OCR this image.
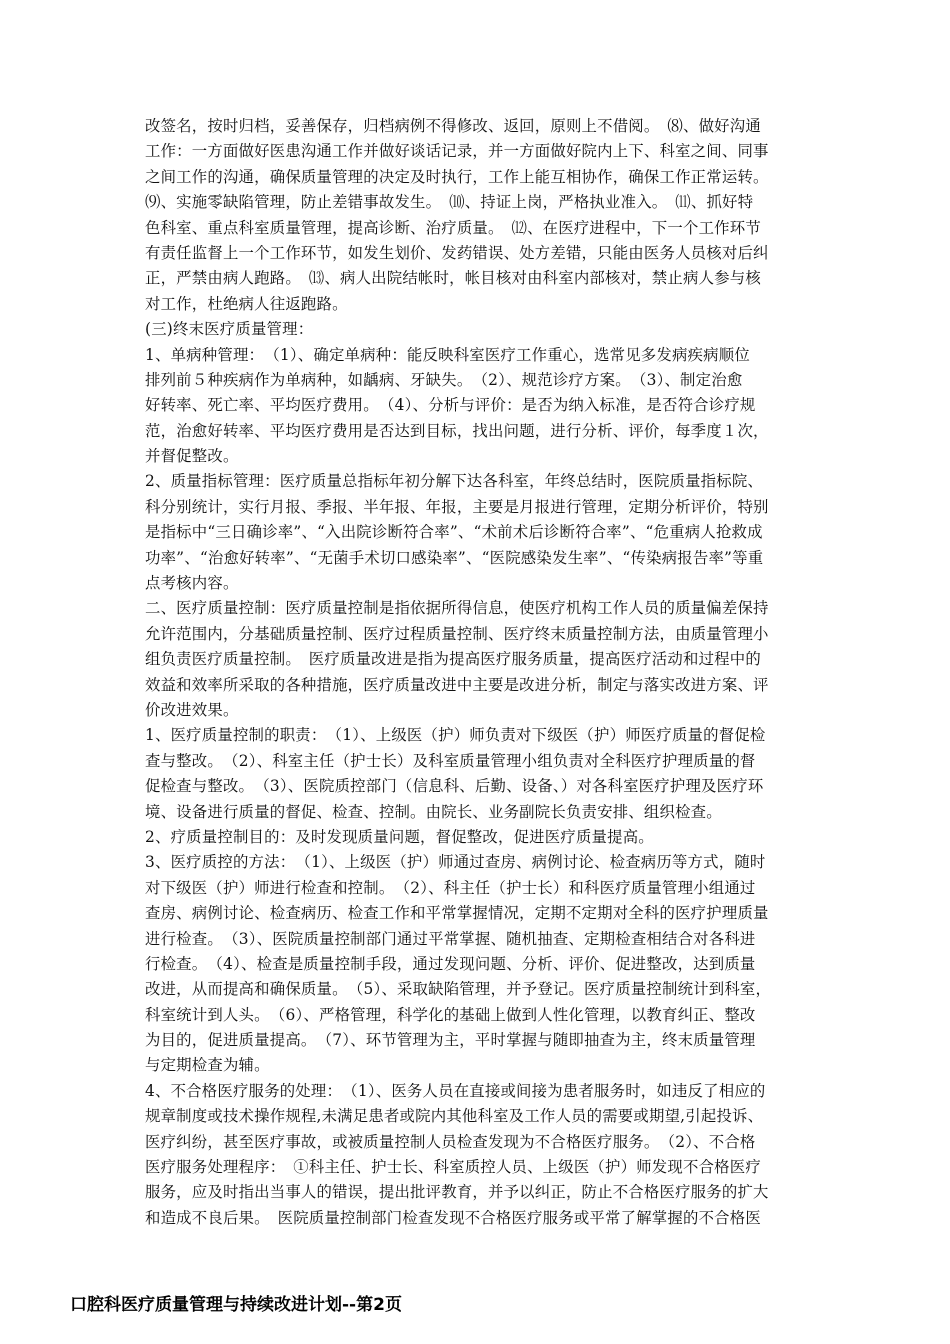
改签名，按时归档，妥善保存，归档病例不得修改、返回，原则上不借阅。　⑻、做好沟通
工作：一方面做好医患沟通工作并做好谈话记录，并一方面做好院内上下、科室之间、同事
之间工作的沟通，确保质量管理的决定及时执行，工作上能互相协作，确保工作正常运转。
⑼、实施零缺陷管理，防止差错事故发生。　⑽、持证上岗，严格执业准入。　⑾、抓好特
色科室、重点科室质量管理，提高诊断、治疗质量。　⑿、在医疗进程中，下一个工作环节
有责任监督上一个工作环节，如发生划价、发药错误、处方差错，只能由医务人员核对后纠
正，严禁由病人跑路。　⒀、病人出院结帐时，帐目核对由科室内部核对，禁止病人参与核
对工作，杜绝病人往返跑路。
(三)终末医疗质量管理：
1、单病种管理：　（1）、确定单病种：能反映科室医疗工作重心，选常见多发病疾病顺位
排列前５种疾病作为单病种，如龋病、牙缺失。　（2）、规范诊疗方案。　（3）、制定治愈
好转率、死亡率、平均医疗费用。　（4）、分析与评价：是否为纳入标准，是否符合诊疗规
范，治愈好转率、平均医疗费用是否达到目标，找出问题，进行分析、评价，每季度１次，
并督促整改。
2、质量指标管理：医疗质量总指标年初分解下达各科室，年终总结时，医院质量指标院、
科分别统计，实行月报、季报、半年报、年报，主要是月报进行管理，定期分析评价，特别
是指标中“三日确诊率”、“入出院诊断符合率”、“术前术后诊断符合率”、“危重病人抢救成
功率”、“治愈好转率”、“无菌手术切口感染率”、“医院感染发生率”、“传染病报告率”等重
点考核内容。
二、医疗质量控制：医疗质量控制是指依据所得信息，使医疗机构工作人员的质量偏差保持
允许范围内，分基础质量控制、医疗过程质量控制、医疗终末质量控制方法，由质量管理小
组负责医疗质量控制。　医疗质量改进是指为提高医疗服务质量，提高医疗活动和过程中的
效益和效率所采取的各种措施，医疗质量改进中主要是改进分析，制定与落实改进方案、评
价改进效果。
1、医疗质量控制的职责：　（1）、上级医（护）师负责对下级医（护）师医疗质量的督促检
查与整改。　（2）、科室主任（护士长）及科室质量管理小组负责对全科医疗护理质量的督
促检查与整改。　（3）、医院质控部门（信息科、后勤、设备、）对各科室医疗护理及医疗环
境、设备进行质量的督促、检查、控制。由院长、业务副院长负责安排、组织检查。
2、疗质量控制目的：及时发现质量问题，督促整改，促进医疗质量提高。
3、医疗质控的方法：　（1）、上级医（护）师通过查房、病例讨论、检查病历等方式，随时
对下级医（护）师进行检查和控制。　（2）、科主任（护士长）和科医疗质量管理小组通过
查房、病例讨论、检查病历、检查工作和平常掌握情况，定期不定期对全科的医疗护理质量
进行检查。　（3）、医院质量控制部门通过平常掌握、随机抽查、定期检查相结合对各科进
行检查。　（4）、检查是质量控制手段，通过发现问题、分析、评价、促进整改，达到质量
改进，从而提高和确保质量。　（5）、采取缺陷管理，并予登记。医疗质量控制统计到科室，
科室统计到人头。　（6）、严格管理，科学化的基础上做到人性化管理，以教育纠正、整改
为目的，促进质量提高。　（7）、环节管理为主，平时掌握与随即抽查为主，终末质量管理
与定期检查为辅。
4、不合格医疗服务的处理：　（1）、医务人员在直接或间接为患者服务时，如违反了相应的
规章制度或技术操作规程,未满足患者或院内其他科室及工作人员的需要或期望,引起投诉、
医疗纠纷，甚至医疗事故，或被质量控制人员检查发现为不合格医疗服务。　（2）、不合格
医疗服务处理程序：　①科主任、护士长、科室质控人员、上级医（护）师发现不合格医疗
服务，应及时指出当事人的错误，提出批评教育，并予以纠正，防止不合格医疗服务的扩大
和造成不良后果。　医院质量控制部门检查发现不合格医疗服务或平常了解掌握的不合格医
口腔科医疗质量管理与持续改进计划--第2页
